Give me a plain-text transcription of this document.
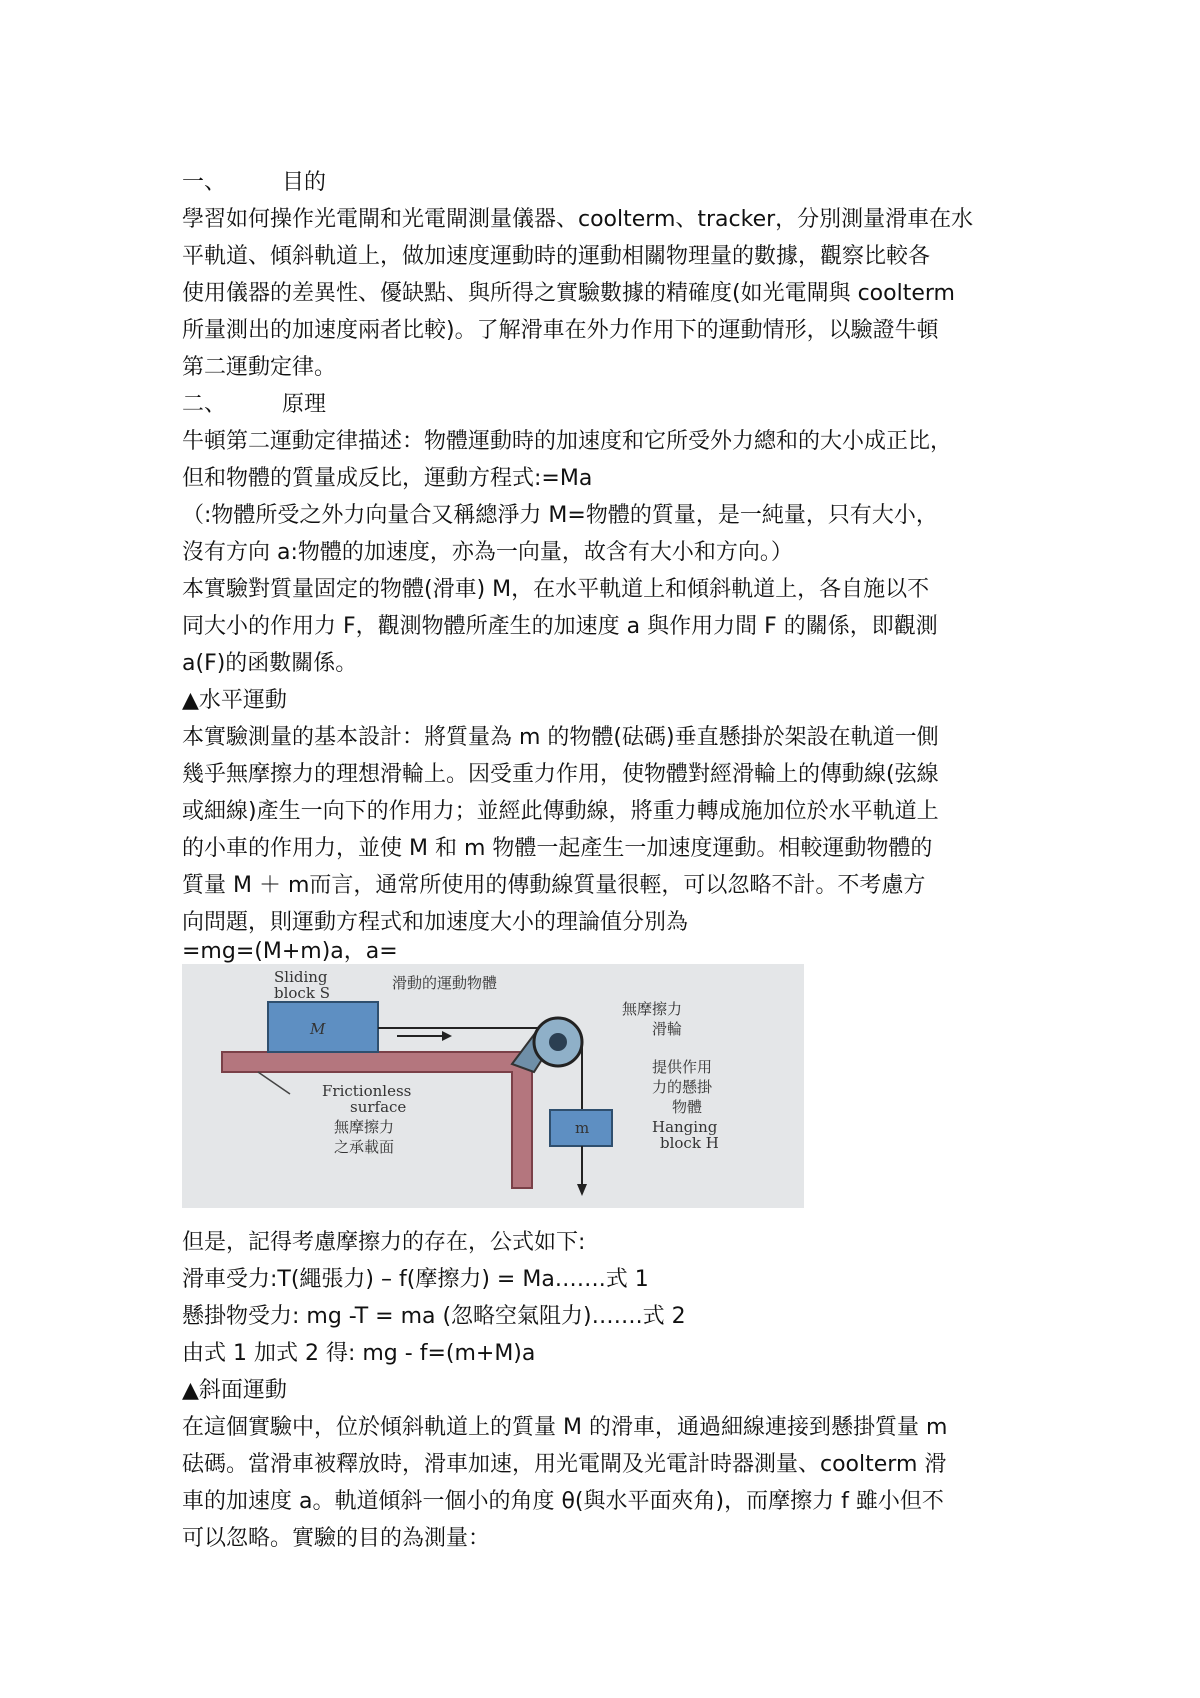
一、	目的
學習如何操作光電閘和光電閘測量儀器、coolterm、tracker，分別測量滑車在水
平軌道、傾斜軌道上，做加速度運動時的運動相關物理量的數據，觀察比較各
使用儀器的差異性、優缺點、與所得之實驗數據的精確度(如光電閘與 coolterm
所量測出的加速度兩者比較)。了解滑車在外力作用下的運動情形，以驗證牛頓
第二運動定律。
二、	原理
牛頓第二運動定律描述：物體運動時的加速度和它所受外力總和的大小成正比，
但和物體的質量成反比，運動方程式:=Ma
（:物體所受之外力向量合又稱總淨力 M=物體的質量，是一純量，只有大小，
沒有方向 a:物體的加速度，亦為一向量，故含有大小和方向。）
本實驗對質量固定的物體(滑車) M，在水平軌道上和傾斜軌道上，各自施以不
同大小的作用力 F，觀測物體所產生的加速度 a 與作用力間 F 的關係，即觀測
a(F)的函數關係。
▲水平運動
本實驗測量的基本設計：將質量為 m 的物體(砝碼)垂直懸掛於架設在軌道一側
幾乎無摩擦力的理想滑輪上。因受重力作用，使物體對經滑輪上的傳動線(弦線
或細線)產生一向下的作用力；並經此傳動線，將重力轉成施加位於水平軌道上
的小車的作用力，並使 M 和 m 物體一起產生一加速度運動。相較運動物體的
質量 M ＋ m而言，通常所使用的傳動線質量很輕，可以忽略不計。不考慮方
向問題，則運動方程式和加速度大小的理論值分別為
=mg=(M+m)a，a=
M
m
Sliding
block S
滑動的運動物體
無摩擦力
滑輪
Frictionless
surface
無摩擦力
之承載面
提供作用
力的懸掛
物體
Hanging
block H
但是，記得考慮摩擦力的存在，公式如下:
滑車受力:T(繩張力) – f(摩擦力) = Ma…….式 1
懸掛物受力: mg -T = ma (忽略空氣阻力)…….式 2
由式 1 加式 2 得: mg - f=(m+M)a
▲斜面運動
在這個實驗中，位於傾斜軌道上的質量 M 的滑車，通過細線連接到懸掛質量 m
砝碼。當滑車被釋放時，滑車加速，用光電閘及光電計時器測量、coolterm 滑
車的加速度 a。軌道傾斜一個小的角度 θ(與水平面夾角)，而摩擦力 f 雖小但不
可以忽略。實驗的目的為測量：
